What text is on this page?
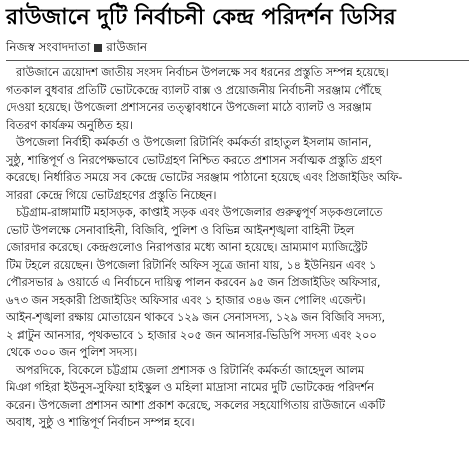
রাউজানে দুটি নির্বাচনী কেন্দ্র পরিদর্শন ডিসির
নিজস্ব সংবাদদাতা রাউজান
রাউজানে ত্রয়োদশ জাতীয় সংসদ নির্বাচন উপলক্ষে সব ধরনের প্রস্তুতি সম্পন্ন হয়েছে।
গতকাল বুধবার প্রতিটি ভোটকেন্দ্রে ব্যালট বাক্স ও প্রয়োজনীয় নির্বাচনী সরঞ্জাম পৌঁছে
দেওয়া হয়েছে। উপজেলা প্রশাসনের তত্ত্বাবধানে উপজেলা মাঠে ব্যালট ও সরঞ্জাম
বিতরণ কার্যক্রম অনুষ্ঠিত হয়।
উপজেলা নির্বাহী কর্মকর্তা ও উপজেলা রিটার্নিং কর্মকর্তা রাহাতুল ইসলাম জানান,
সুষ্ঠু, শান্তিপূর্ণ ও নিরপেক্ষভাবে ভোটগ্রহণ নিশ্চিত করতে প্রশাসন সর্বাত্মক প্রস্তুতি গ্রহণ
করেছে। নির্ধারিত সময়ে সব কেন্দ্রে ভোটের সরঞ্জাম পাঠানো হয়েছে এবং প্রিজাইডিং অফি-
সাররা কেন্দ্রে গিয়ে ভোটগ্রহণের প্রস্তুতি নিচ্ছেন।
চট্টগ্রাম-রাঙ্গামাটি মহাসড়ক, কাপ্তাই সড়ক এবং উপজেলার গুরুত্বপূর্ণ সড়কগুলোতে
ভোট উপলক্ষে সেনাবাহিনী, বিজিবি, পুলিশ ও বিভিন্ন আইনশৃঙ্খলা বাহিনী টহল
জোরদার করেছে। কেন্দ্রগুলোও নিরাপত্তার মধ্যে আনা হয়েছে। ভ্রাম্যমাণ ম্যাজিস্ট্রেট
টিম টহলে রয়েছেন। উপজেলা রিটার্নিং অফিস সূত্রে জানা যায়, ১৪ ইউনিয়ন এবং ১
পৌরসভার ৯ ওয়ার্ডে এ নির্বাচনে দায়িত্ব পালন করবেন ৯৫ জন প্রিজাইডিং অফিসার,
৬৭৩ জন সহকারী প্রিজাইডিং অফিসার এবং ১ হাজার ৩৪৬ জন পোলিং এজেন্ট।
আইন-শৃঙ্খলা রক্ষায় মোতায়েন থাকবে ১২৯ জন সেনাসদস্য, ১২৯ জন বিজিবি সদস্য,
২ প্লাটুন আনসার, পৃথকভাবে ১ হাজার ২০৫ জন আনসার-ভিডিপি সদস্য এবং ২০০
থেকে ৩০০ জন পুলিশ সদস্য।
অপরদিকে, বিকেলে চট্টগ্রাম জেলা প্রশাসক ও রিটার্নিং কর্মকর্তা জাহেদুল আলম
মিঞা গহিরা ইউনুস-সুফিয়া হাইস্কুল ও মহিলা মাদ্রাসা নামের দুটি ভোটকেন্দ্র পরিদর্শন
করেন। উপজেলা প্রশাসন আশা প্রকাশ করেছে, সকলের সহযোগিতায় রাউজানে একটি
অবাধ, সুষ্ঠু ও শান্তিপূর্ণ নির্বাচন সম্পন্ন হবে।
